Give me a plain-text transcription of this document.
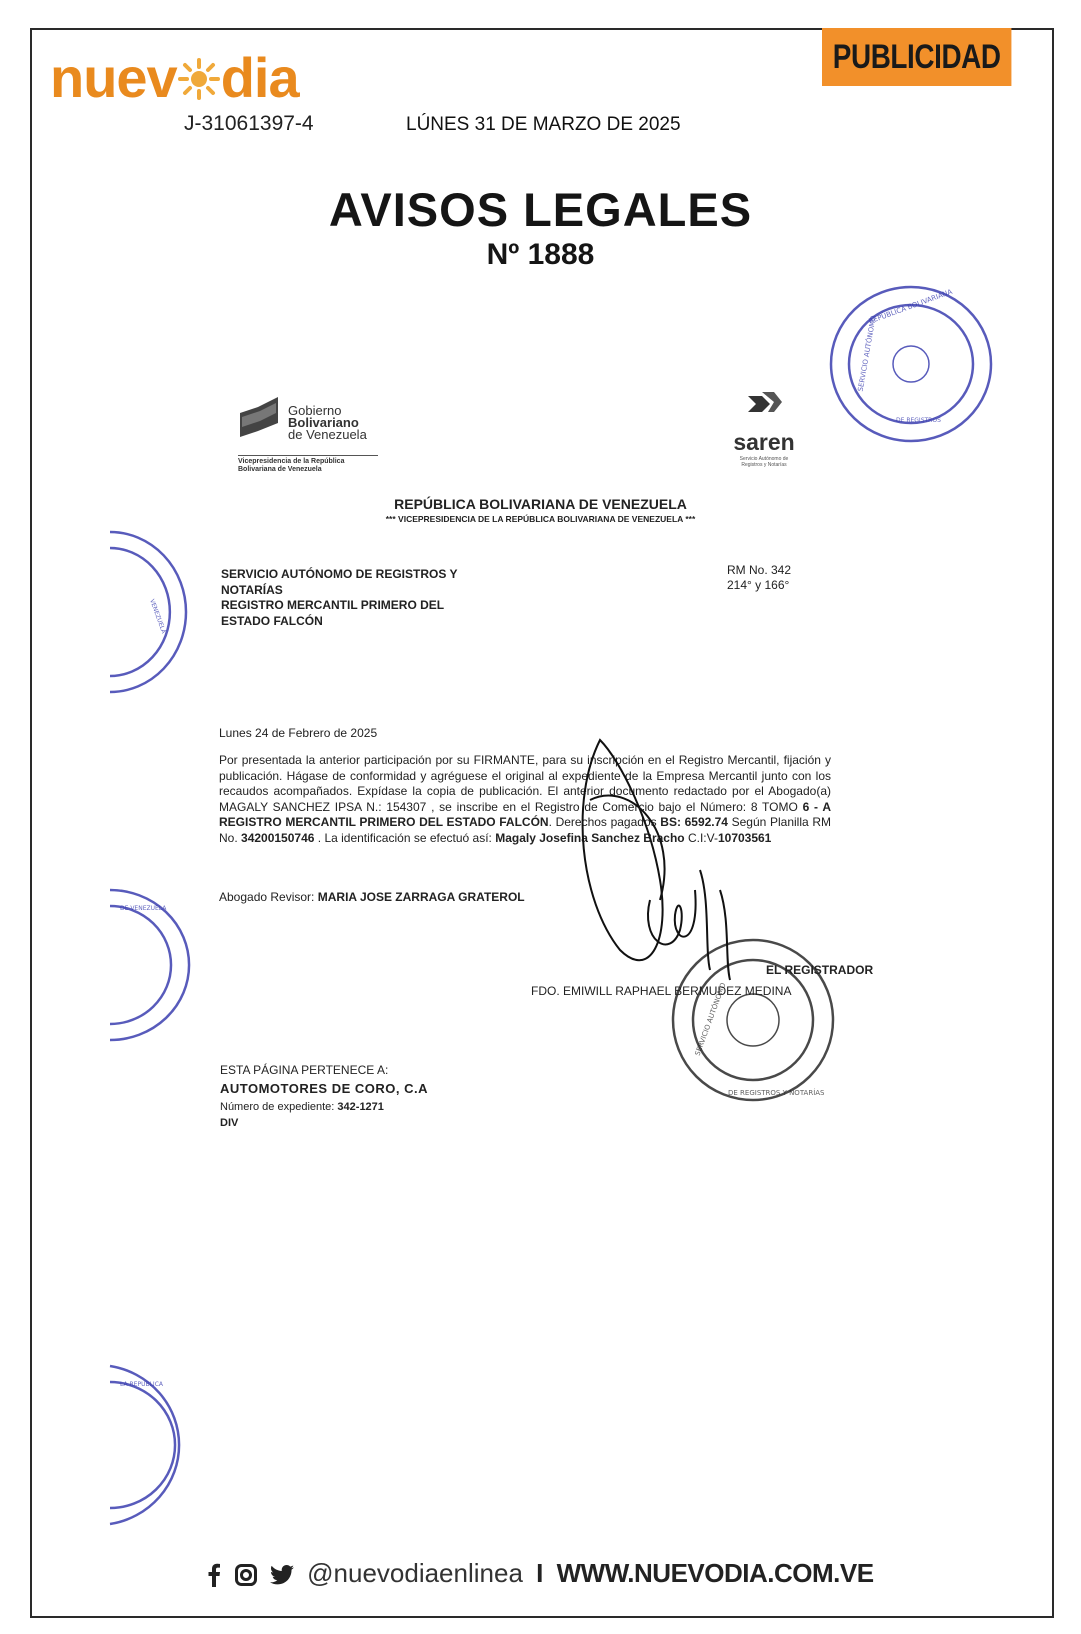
nuev dia
J-31061397-4	LÚNES 31 DE MARZO DE 2025
PUBLICIDAD
AVISOS LEGALES
Nº 1888
REPÚBLICA BOLIVARIANA
SERVICIO AUTÓNOMO
DE REGISTROS
Gobierno
Bolivariano
de Venezuela
Vicepresidencia de la República
Bolivariana de Venezuela
saren
Servicio Autónomo de
Registros y Notarías
REPÚBLICA BOLIVARIANA DE VENEZUELA
*** VICEPRESIDENCIA DE LA REPÚBLICA BOLIVARIANA DE VENEZUELA ***
VENEZUELA
DE VENEZUELA
LA REPÚBLICA
SERVICIO AUTÓNOMO DE REGISTROS Y
NOTARÍAS
REGISTRO MERCANTIL PRIMERO DEL
ESTADO FALCÓN
RM No. 342
214° y 166°
Lunes 24 de Febrero de 2025
Por presentada la anterior participación por su FIRMANTE, para su inscripción en el Registro Mercantil, fijación y publicación. Hágase de conformidad y agréguese el original al expediente de la Empresa Mercantil junto con los recaudos acompañados. Expídase la copia de publicación. El anterior documento redactado por el Abogado(a) MAGALY SANCHEZ IPSA N.: 154307 , se inscribe en el Registro de Comercio bajo el Número: 8 TOMO 6 - A REGISTRO MERCANTIL PRIMERO DEL ESTADO FALCÓN. Derechos pagados BS: 6592.74 Según Planilla RM No. 34200150746 . La identificación se efectuó así: Magaly Josefina Sanchez Bracho C.I:V-10703561
Abogado Revisor: MARIA JOSE ZARRAGA GRATEROL
SERVICIO AUTÓNOMO
DE REGISTROS Y NOTARÍAS
EL REGISTRADOR
FDO. EMIWILL RAPHAEL BERMUDEZ MEDINA
ESTA PÁGINA PERTENECE A:
AUTOMOTORES DE CORO, C.A
Número de expediente: 342-1271
DIV
@nuevodiaenlinea I WWW.NUEVODIA.COM.VE
